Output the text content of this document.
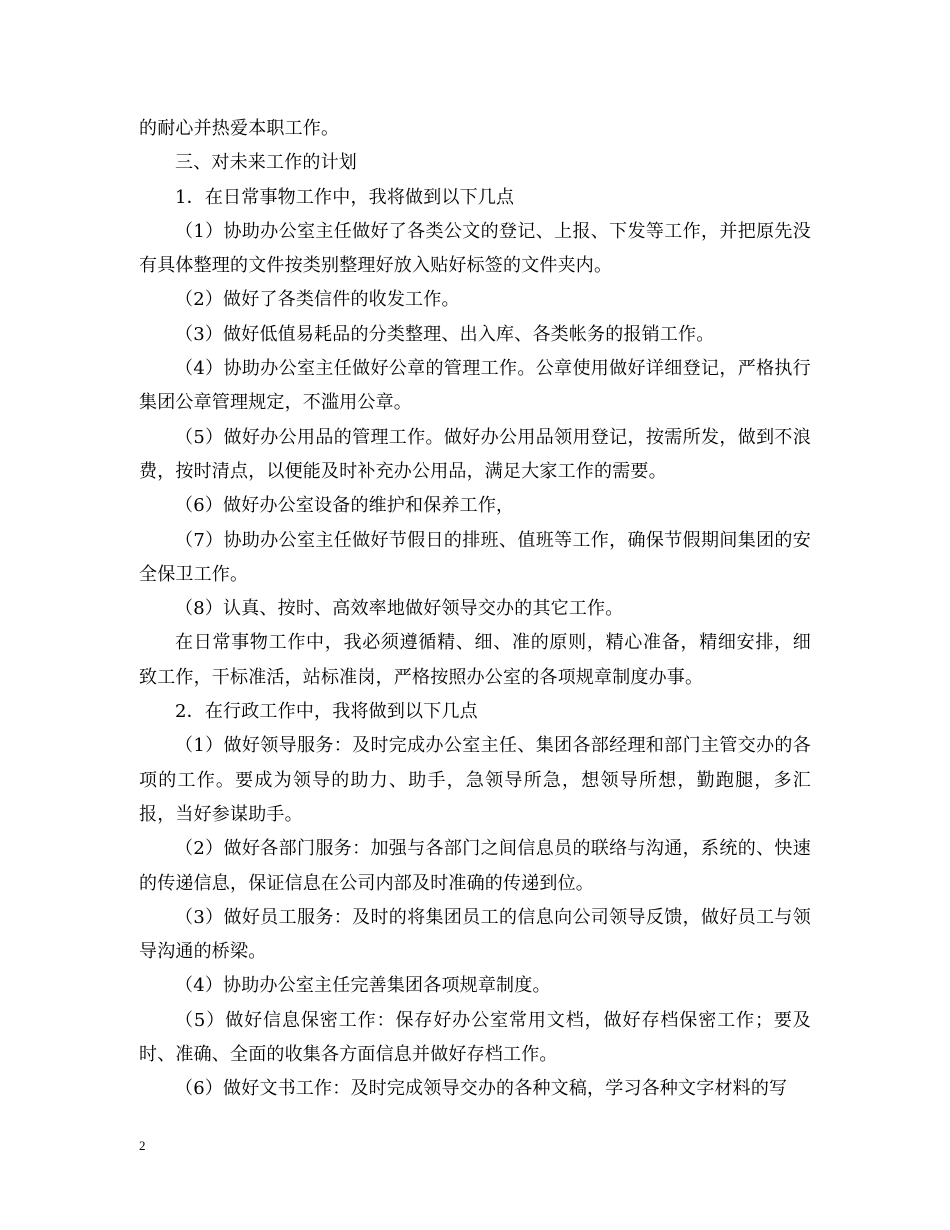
的耐心并热爱本职工作。

三、对未来工作的计划

1．在日常事物工作中，我将做到以下几点

（1）协助办公室主任做好了各类公文的登记、上报、下发等工作，并把原先没有具体整理的文件按类别整理好放入贴好标签的文件夹内。

（2）做好了各类信件的收发工作。

（3）做好低值易耗品的分类整理、出入库、各类帐务的报销工作。

（4）协助办公室主任做好公章的管理工作。公章使用做好详细登记，严格执行集团公章管理规定，不滥用公章。

（5）做好办公用品的管理工作。做好办公用品领用登记，按需所发，做到不浪费，按时清点，以便能及时补充办公用品，满足大家工作的需要。

（6）做好办公室设备的维护和保养工作，

（7）协助办公室主任做好节假日的排班、值班等工作，确保节假期间集团的安全保卫工作。

（8）认真、按时、高效率地做好领导交办的其它工作。

在日常事物工作中，我必须遵循精、细、准的原则，精心准备，精细安排，细致工作，干标准活，站标准岗，严格按照办公室的各项规章制度办事。

2．在行政工作中，我将做到以下几点

（1）做好领导服务：及时完成办公室主任、集团各部经理和部门主管交办的各项的工作。要成为领导的助力、助手，急领导所急，想领导所想，勤跑腿，多汇报，当好参谋助手。

（2）做好各部门服务：加强与各部门之间信息员的联络与沟通，系统的、快速的传递信息，保证信息在公司内部及时准确的传递到位。

（3）做好员工服务：及时的将集团员工的信息向公司领导反馈，做好员工与领导沟通的桥梁。

（4）协助办公室主任完善集团各项规章制度。

（5）做好信息保密工作：保存好办公室常用文档，做好存档保密工作；要及时、准确、全面的收集各方面信息并做好存档工作。

（6）做好文书工作：及时完成领导交办的各种文稿，学习各种文字材料的写

2
